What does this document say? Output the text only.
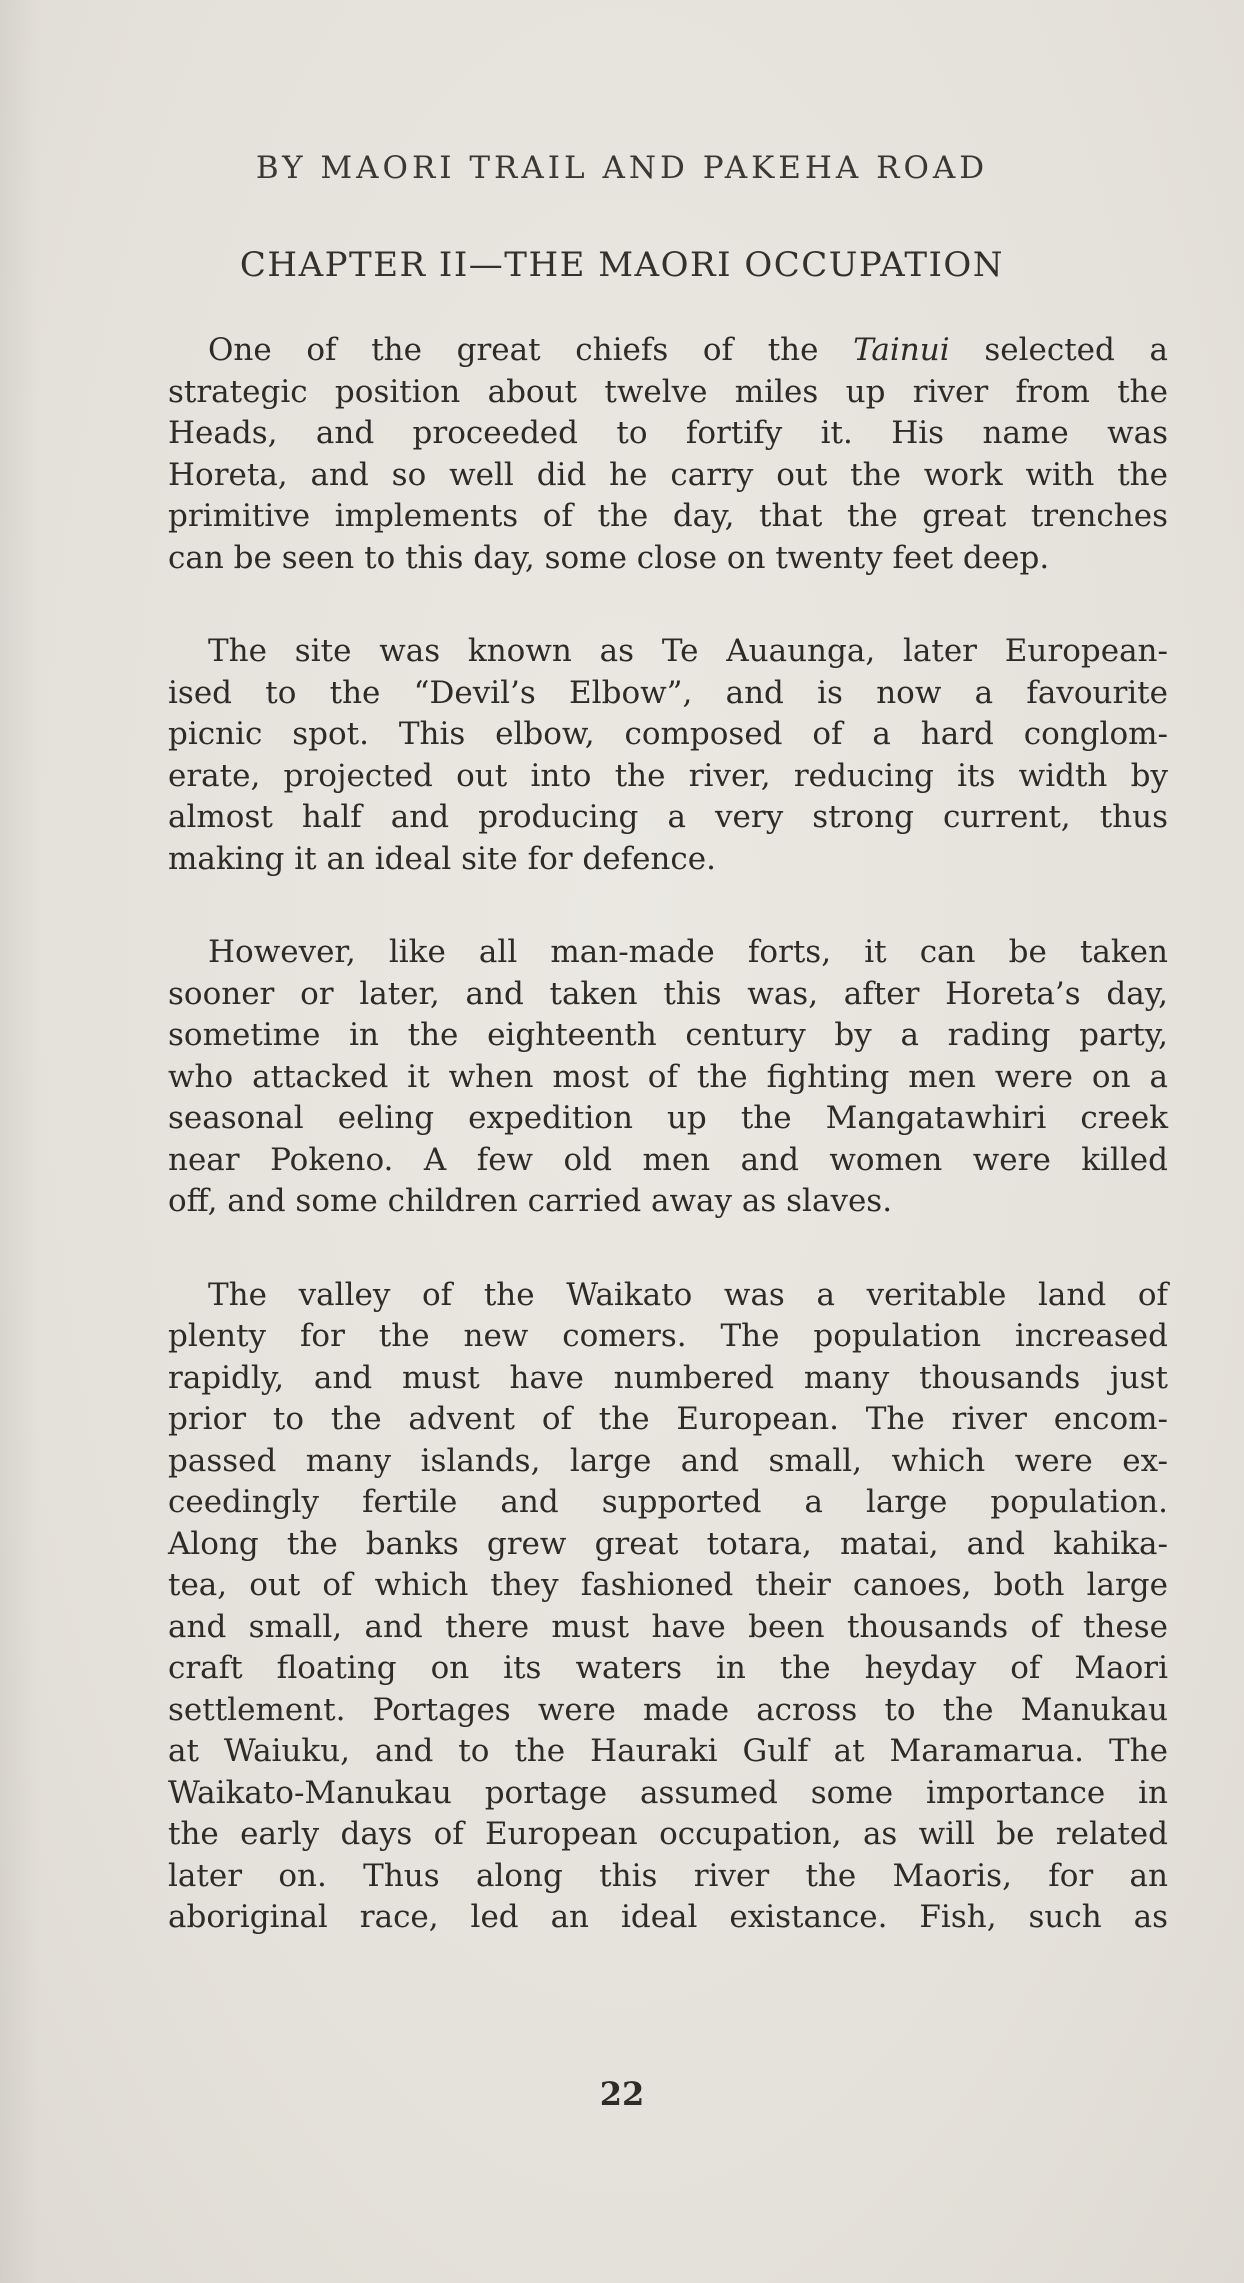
BY MAORI TRAIL AND PAKEHA ROAD
CHAPTER II—THE MAORI OCCUPATION
One of the great chiefs of the Tainui selected a
strategic position about twelve miles up river from the
Heads, and proceeded to fortify it. His name was
Horeta, and so well did he carry out the work with the
primitive implements of the day, that the great trenches
can be seen to this day, some close on twenty feet deep.
The site was known as Te Auaunga, later European-
ised to the “Devil’s Elbow”, and is now a favourite
picnic spot. This elbow, composed of a hard conglom-
erate, projected out into the river, reducing its width by
almost half and producing a very strong current, thus
making it an ideal site for defence.
However, like all man-made forts, it can be taken
sooner or later, and taken this was, after Horeta’s day,
sometime in the eighteenth century by a rading party,
who attacked it when most of the fighting men were on a
seasonal eeling expedition up the Mangatawhiri creek
near Pokeno. A few old men and women were killed
off, and some children carried away as slaves.
The valley of the Waikato was a veritable land of
plenty for the new comers. The population increased
rapidly, and must have numbered many thousands just
prior to the advent of the European. The river encom-
passed many islands, large and small, which were ex-
ceedingly fertile and supported a large population.
Along the banks grew great totara, matai, and kahika-
tea, out of which they fashioned their canoes, both large
and small, and there must have been thousands of these
craft floating on its waters in the heyday of Maori
settlement. Portages were made across to the Manukau
at Waiuku, and to the Hauraki Gulf at Maramarua. The
Waikato-Manukau portage assumed some importance in
the early days of European occupation, as will be related
later on. Thus along this river the Maoris, for an
aboriginal race, led an ideal existance. Fish, such as
22
